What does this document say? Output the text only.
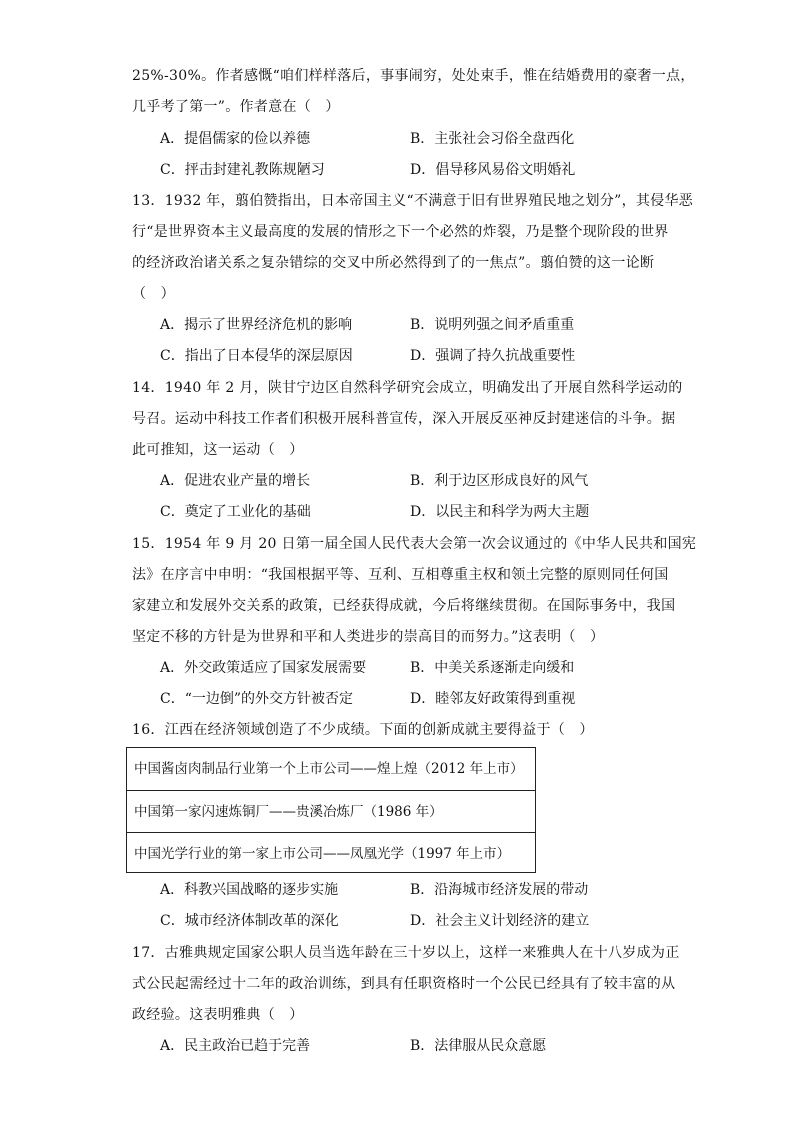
25%-30%。作者感慨“咱们样样落后，事事闹穷，处处束手，惟在结婚费用的豪奢一点，
几乎考了第一”。作者意在（　）
A．提倡儒家的俭以养德	B．主张社会习俗全盘西化
C．抨击封建礼教陈规陋习	D．倡导移风易俗文明婚礼
13．1932 年，翦伯赞指出，日本帝国主义“不满意于旧有世界殖民地之划分”，其侵华恶
行“是世界资本主义最高度的发展的情形之下一个必然的炸裂，乃是整个现阶段的世界
的经济政治诸关系之复杂错综的交叉中所必然得到了的一焦点”。翦伯赞的这一论断
（　）
A．揭示了世界经济危机的影响	B．说明列强之间矛盾重重
C．指出了日本侵华的深层原因	D．强调了持久抗战重要性
14．1940 年 2 月，陕甘宁边区自然科学研究会成立，明确发出了开展自然科学运动的
号召。运动中科技工作者们积极开展科普宣传，深入开展反巫神反封建迷信的斗争。据
此可推知，这一运动（　）
A．促进农业产量的增长	B．利于边区形成良好的风气
C．奠定了工业化的基础	D．以民主和科学为两大主题
15．1954 年 9 月 20 日第一届全国人民代表大会第一次会议通过的《中华人民共和国宪
法》在序言中申明：“我国根据平等、互利、互相尊重主权和领土完整的原则同任何国
家建立和发展外交关系的政策，已经获得成就，今后将继续贯彻。在国际事务中，我国
坚定不移的方针是为世界和平和人类进步的崇高目的而努力。”这表明（　）
A．外交政策适应了国家发展需要	B．中美关系逐渐走向缓和
C．“一边倒”的外交方针被否定	D．睦邻友好政策得到重视
16．江西在经济领域创造了不少成绩。下面的创新成就主要得益于（　）
中国酱卤肉制品行业第一个上市公司——煌上煌（2012 年上市）
中国第一家闪速炼铜厂——贵溪冶炼厂（1986 年）
中国光学行业的第一家上市公司——凤凰光学（1997 年上市）
A．科教兴国战略的逐步实施	B．沿海城市经济发展的带动
C．城市经济体制改革的深化	D．社会主义计划经济的建立
17．古雅典规定国家公职人员当选年龄在三十岁以上，这样一来雅典人在十八岁成为正
式公民起需经过十二年的政治训练，到具有任职资格时一个公民已经具有了较丰富的从
政经验。这表明雅典（　）
A．民主政治已趋于完善	B．法律服从民众意愿
